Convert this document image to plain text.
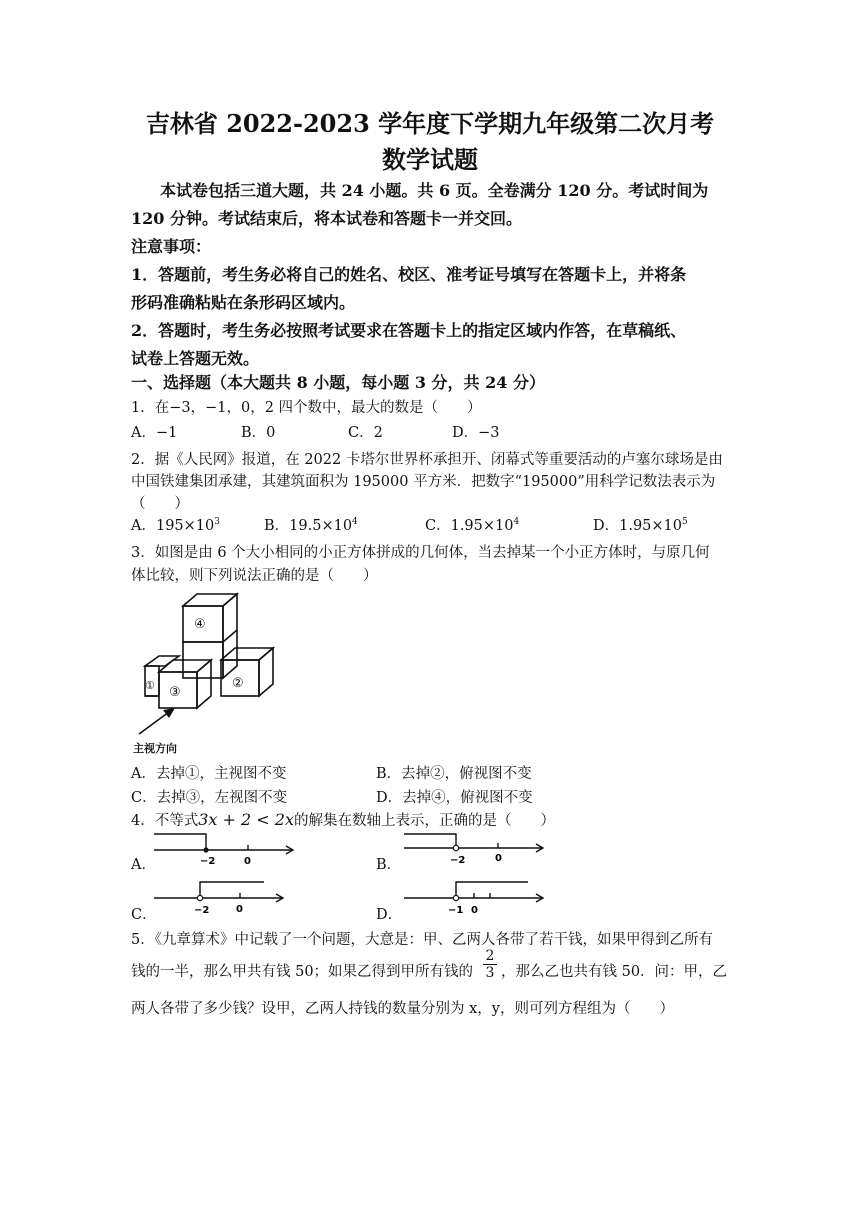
吉林省 2022-2023 学年度下学期九年级第二次月考
数学试题
本试卷包括三道大题，共 24 小题。共 6 页。全卷满分 120 分。考试时间为
120 分钟。考试结束后，将本试卷和答题卡一并交回。
注意事项：
1．答题前，考生务必将自己的姓名、校区、准考证号填写在答题卡上，并将条
形码准确粘贴在条形码区域内。
2．答题时，考生务必按照考试要求在答题卡上的指定区域内作答，在草稿纸、
试卷上答题无效。
一、选择题（本大题共 8 小题，每小题 3 分，共 24 分）
1．在−3，−1，0，2 四个数中，最大的数是（　　）
A．−1	B．0	C．2	D．−3
2．据《人民网》报道，在 2022 卡塔尔世界杯承担开、闭幕式等重要活动的卢塞尔球场是由
中国铁建集团承建，其建筑面积为 195000 平方米．把数字“195000”用科学记数法表示为
（　　）
A．$195\times 10^3$	B．$19.5\times 10^4$	C．$1.95\times 10^4$	D．$1.95\times 10^5$
3．如图是由 6 个大小相同的小正方体拼成的几何体，当去掉某一个小正方体时，与原几何
体比较，则下列说法正确的是（　　）
④
②
① ③
主视方向
A．去掉①，主视图不变	B．去掉②，俯视图不变
C．去掉③，左视图不变	D．去掉④，俯视图不变
4．不等式3x + 2 < 2x的解集在数轴上表示，正确的是（　　）
A．	−2	0	B．	−2	0
C．	−2	0	D．	−1 0
5．《九章算术》中记载了一个问题，大意是：甲、乙两人各带了若干钱，如果甲得到乙所有
钱的一半，那么甲共有钱 50；如果乙得到甲所有钱的 $\frac{2}{3}$ ，那么乙也共有钱 50．问：甲，乙
两人各带了多少钱？设甲，乙两人持钱的数量分别为 x，y，则可列方程组为（　　）
